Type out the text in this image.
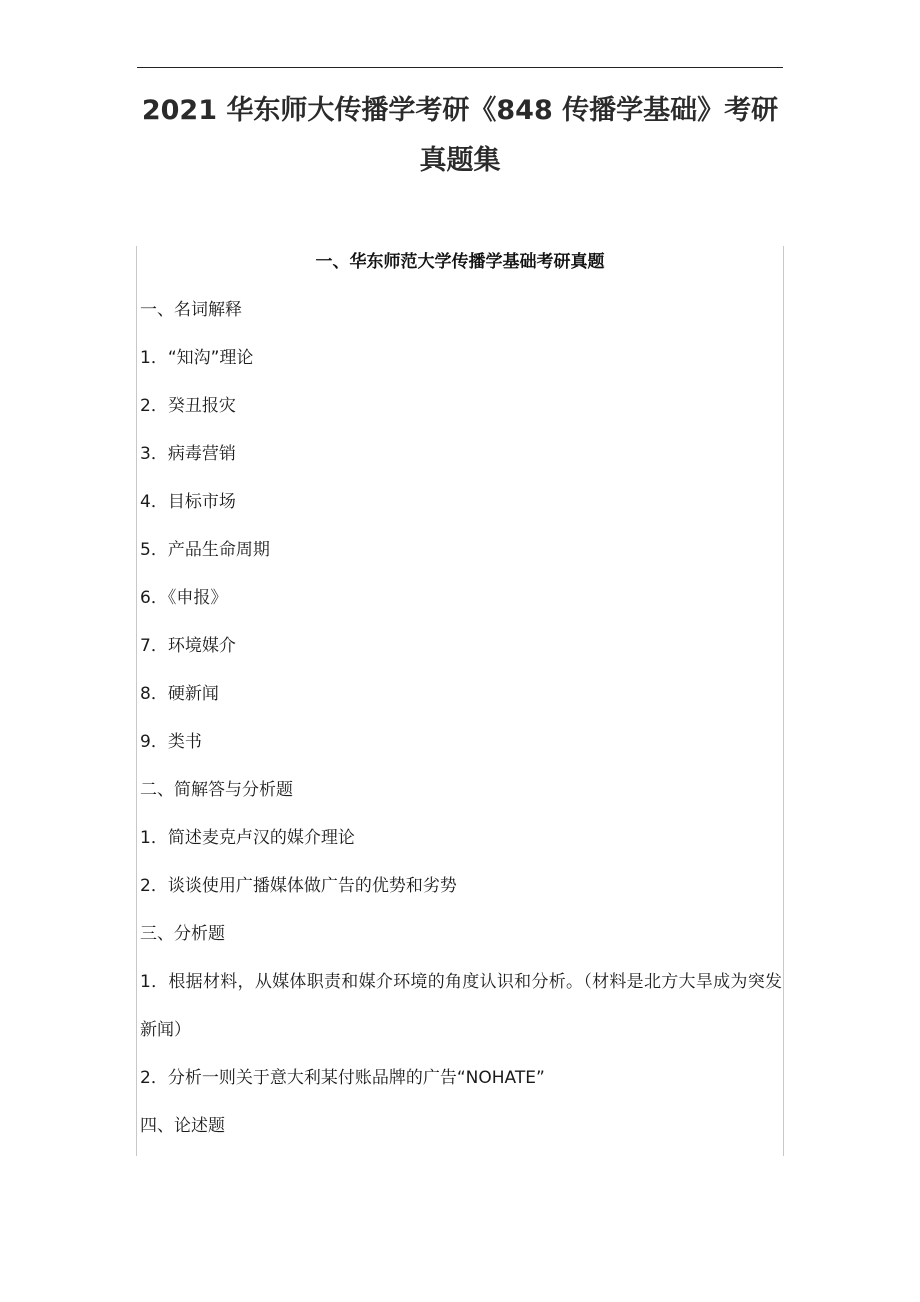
2021 华东师大传播学考研《848 传播学基础》考研真题集
一、华东师范大学传播学基础考研真题
一、名词解释
1．“知沟”理论
2．癸丑报灾
3．病毒营销
4．目标市场
5．产品生命周期
6．《申报》
7．环境媒介
8．硬新闻
9．类书
二、简解答与分析题
1．简述麦克卢汉的媒介理论
2．谈谈使用广播媒体做广告的优势和劣势
三、分析题
1．根据材料，从媒体职责和媒介环境的角度认识和分析。（材料是北方大旱成为突发新闻）
2．分析一则关于意大利某付账品牌的广告“NOHATE”
四、论述题
